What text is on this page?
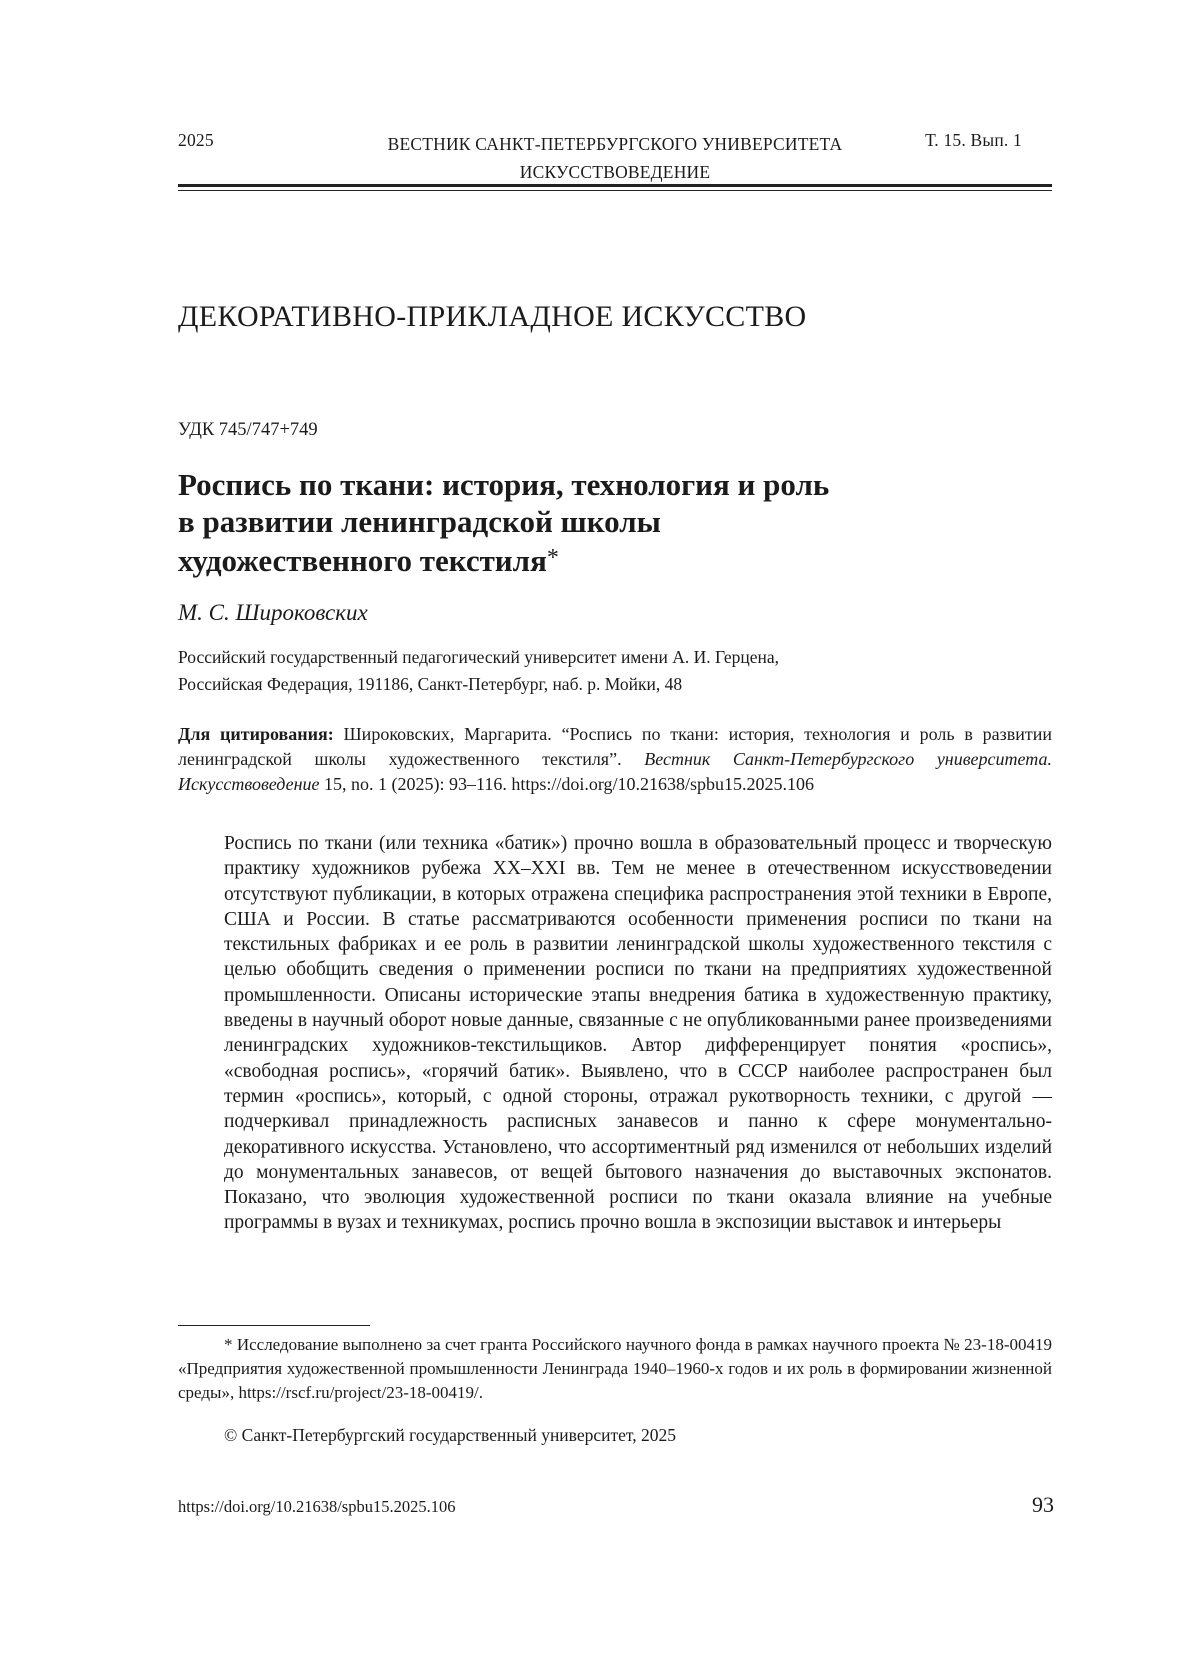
2025	ВЕСТНИК САНКТ-ПЕТЕРБУРГСКОГО УНИВЕРСИТЕТА
ИСКУССТВОВЕДЕНИЕ
Т. 15. Вып. 1
ДЕКОРАТИВНО-ПРИКЛАДНОЕ ИСКУССТВО
УДК 745/747+749
Роспись по ткани: история, технология и роль
в развитии ленинградской школы
художественного текстиля*
М. С. Широковских
Российский государственный педагогический университет имени А. И. Герцена,
Российская Федерация, 191186, Санкт-Петербург, наб. р. Мойки, 48
Для цитирования: Широковских, Маргарита. “Роспись по ткани: история, технология и роль в развитии ленинградской школы художественного текстиля”. Вестник Санкт-Петербургского университета. Искусствоведение 15, no. 1 (2025): 93–116. https://doi.org/10.21638/spbu15.2025.106
Роспись по ткани (или техника «батик») прочно вошла в образовательный процесс и творческую практику художников рубежа XX–XXI вв. Тем не менее в отечественном искусствоведении отсутствуют публикации, в которых отражена специфика распространения этой техники в Европе, США и России. В статье рассматриваются особенности применения росписи по ткани на текстильных фабриках и ее роль в развитии ленинградской школы художественного текстиля с целью обобщить сведения о применении росписи по ткани на предприятиях художественной промышленности. Описаны исторические этапы внедрения батика в художественную практику, введены в научный оборот новые данные, связанные с не опубликованными ранее произведениями ленинградских художников-текстильщиков. Автор дифференцирует понятия «роспись», «свободная роспись», «горячий батик». Выявлено, что в СССР наиболее распространен был термин «роспись», который, с одной стороны, отражал рукотворность техники, с другой — подчеркивал принадлежность расписных занавесов и панно к сфере монументально-декоративного искусства. Установлено, что ассортиментный ряд изменился от небольших изделий до монументальных занавесов, от вещей бытового назначения до выставочных экспонатов. Показано, что эволюция художественной росписи по ткани оказала влияние на учебные программы в вузах и техникумах, роспись прочно вошла в экспозиции выставок и интерьеры
* Исследование выполнено за счет гранта Российского научного фонда в рамках научного проекта № 23-18-00419 «Предприятия художественной промышленности Ленинграда 1940–1960-х годов и их роль в формировании жизненной среды», https://rscf.ru/project/23-18-00419/.
© Санкт-Петербургский государственный университет, 2025
https://doi.org/10.21638/spbu15.2025.106	93
